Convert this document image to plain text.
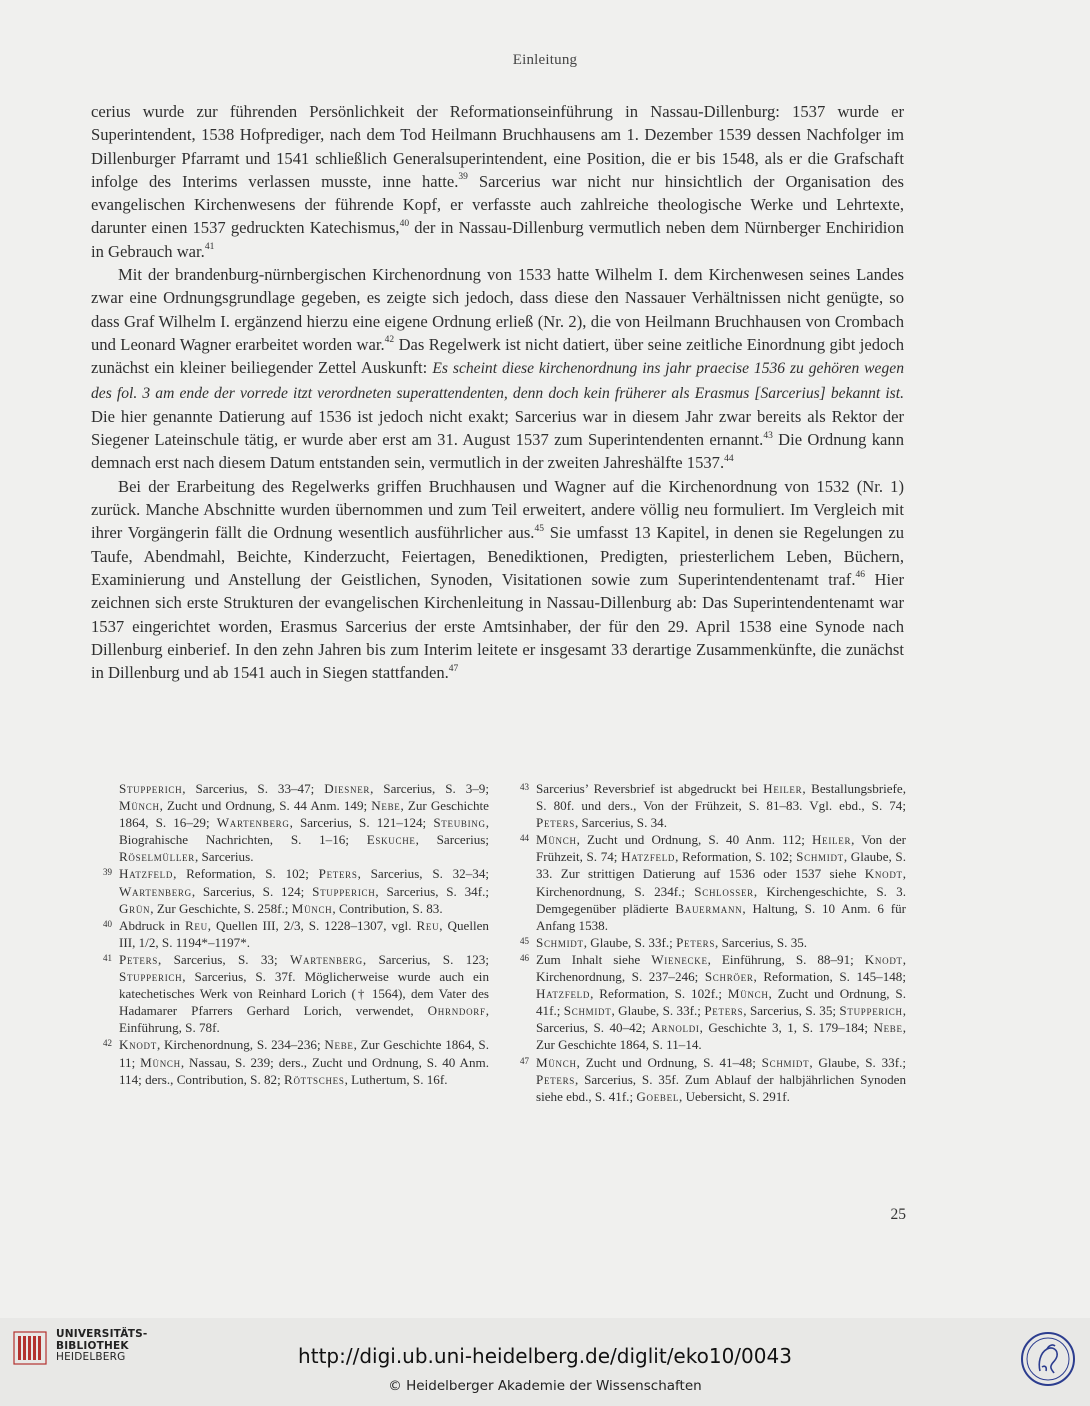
Einleitung

cerius wurde zur führenden Persönlichkeit der Reformationseinführung in Nassau-Dillenburg: 1537 wurde er Superintendent, 1538 Hofprediger, nach dem Tod Heilmann Bruchhausens am 1. Dezember 1539 dessen Nachfolger im Dillenburger Pfarramt und 1541 schließlich Generalsuperintendent, eine Position, die er bis 1548, als er die Grafschaft infolge des Interims verlassen musste, inne hatte.$^{39}$ Sarcerius war nicht nur hinsichtlich der Organisation des evangelischen Kirchenwesens der führende Kopf, er verfasste auch zahlreiche theologische Werke und Lehrtexte, darunter einen 1537 gedruckten Katechismus,$^{40}$ der in Nassau-Dillenburg vermutlich neben dem Nürnberger Enchiridion in Gebrauch war.$^{41}$

Mit der brandenburg-nürnbergischen Kirchenordnung von 1533 hatte Wilhelm I. dem Kirchenwesen seines Landes zwar eine Ordnungsgrundlage gegeben, es zeigte sich jedoch, dass diese den Nassauer Verhältnissen nicht genügte, so dass Graf Wilhelm I. ergänzend hierzu eine eigene Ordnung erließ (Nr. 2), die von Heilmann Bruchhausen von Crombach und Leonard Wagner erarbeitet worden war.$^{42}$ Das Regelwerk ist nicht datiert, über seine zeitliche Einordnung gibt jedoch zunächst ein kleiner beiliegender Zettel Auskunft: Es scheint diese kirchenordnung ins jahr praecise 1536 zu gehören wegen des fol. 3 am ende der vorrede itzt verordneten superattendenten, denn doch kein früherer als Erasmus [Sarcerius] bekannt ist. Die hier genannte Datierung auf 1536 ist jedoch nicht exakt; Sarcerius war in diesem Jahr zwar bereits als Rektor der Siegener Lateinschule tätig, er wurde aber erst am 31. August 1537 zum Superintendenten ernannt.$^{43}$ Die Ordnung kann demnach erst nach diesem Datum entstanden sein, vermutlich in der zweiten Jahreshälfte 1537.44

Bei der Erarbeitung des Regelwerks griffen Bruchhausen und Wagner auf die Kirchenordnung von 1532 (Nr. 1) zurück. Manche Abschnitte wurden übernommen und zum Teil erweitert, andere völlig neu formuliert. Im Vergleich mit ihrer Vorgängerin fällt die Ordnung wesentlich ausführlicher aus.$^{45}$ Sie umfasst 13 Kapitel, in denen sie Regelungen zu Taufe, Abendmahl, Beichte, Kinderzucht, Feiertagen, Benediktionen, Predigten, priesterlichem Leben, Büchern, Examinierung und Anstellung der Geistlichen, Synoden, Visitationen sowie zum Superintendentenamt traf.$^{46}$ Hier zeichnen sich erste Strukturen der evangelischen Kirchenleitung in Nassau-Dillenburg ab: Das Superintendentenamt war 1537 eingerichtet worden, Erasmus Sarcerius der erste Amtsinhaber, der für den 29. April 1538 eine Synode nach Dillenburg einberief. In den zehn Jahren bis zum Interim leitete er insgesamt 33 derartige Zusammenkünfte, die zunächst in Dillenburg und ab 1541 auch in Siegen stattfanden.$^{47}$

Stupperich, Sarcerius, S. 33–47; Diesner, Sarcerius, S. 3–9; Münch, Zucht und Ordnung, S. 44 Anm. 149; Nebe, Zur Geschichte 1864, S. 16–29; Wartenberg, Sarcerius, S. 121–124; Steubing, Biograhische Nachrichten, S. 1–16; Eskuche, Sarcerius; Röselmüller, Sarcerius.

39 Hatzfeld, Reformation, S. 102; Peters, Sarcerius, S. 32–34; Wartenberg, Sarcerius, S. 124; Stupperich, Sarcerius, S. 34f.; Grün, Zur Geschichte, S. 258f.; Münch, Contribution, S. 83.

40 Abdruck in Reu, Quellen III, 2/3, S. 1228–1307, vgl. Reu, Quellen III, 1/2, S. 1194*–1197*.

41 Peters, Sarcerius, S. 33; Wartenberg, Sarcerius, S. 123; Stupperich, Sarcerius, S. 37f. Möglicherweise wurde auch ein katechetisches Werk von Reinhard Lorich († 1564), dem Vater des Hadamarer Pfarrers Gerhard Lorich, verwendet, Ohrndorf, Einführung, S. 78f.

42 Knodt, Kirchenordnung, S. 234–236; Nebe, Zur Geschichte 1864, S. 11; Münch, Nassau, S. 239; ders., Zucht und Ordnung, S. 40 Anm. 114; ders., Contribution, S. 82; Röttsches, Luthertum, S. 16f.

43 Sarcerius’ Reversbrief ist abgedruckt bei Heiler, Bestallungsbriefe, S. 80f. und ders., Von der Frühzeit, S. 81–83. Vgl. ebd., S. 74; Peters, Sarcerius, S. 34.

44 Münch, Zucht und Ordnung, S. 40 Anm. 112; Heiler, Von der Frühzeit, S. 74; Hatzfeld, Reformation, S. 102; Schmidt, Glaube, S. 33. Zur strittigen Datierung auf 1536 oder 1537 siehe Knodt, Kirchenordnung, S. 234f.; Schlosser, Kirchengeschichte, S. 3. Demgegenüber plädierte Bauermann, Haltung, S. 10 Anm. 6 für Anfang 1538.

45 Schmidt, Glaube, S. 33f.; Peters, Sarcerius, S. 35.

46 Zum Inhalt siehe Wienecke, Einführung, S. 88–91; Knodt, Kirchenordnung, S. 237–246; Schröer, Reformation, S. 145–148; Hatzfeld, Reformation, S. 102f.; Münch, Zucht und Ordnung, S. 41f.; Schmidt, Glaube, S. 33f.; Peters, Sarcerius, S. 35; Stupperich, Sarcerius, S. 40–42; Arnoldi, Geschichte 3, 1, S. 179–184; Nebe, Zur Geschichte 1864, S. 11–14.

47 Münch, Zucht und Ordnung, S. 41–48; Schmidt, Glaube, S. 33f.; Peters, Sarcerius, S. 35f. Zum Ablauf der halbjährlichen Synoden siehe ebd., S. 41f.; Goebel, Uebersicht, S. 291f.

25
UNIVERSITÄTS-
BIBLIOTHEK
HEIDELBERG	http://digi.ub.uni-heidelberg.de/diglit/eko10/0043
© Heidelberger Akademie der Wissenschaften
